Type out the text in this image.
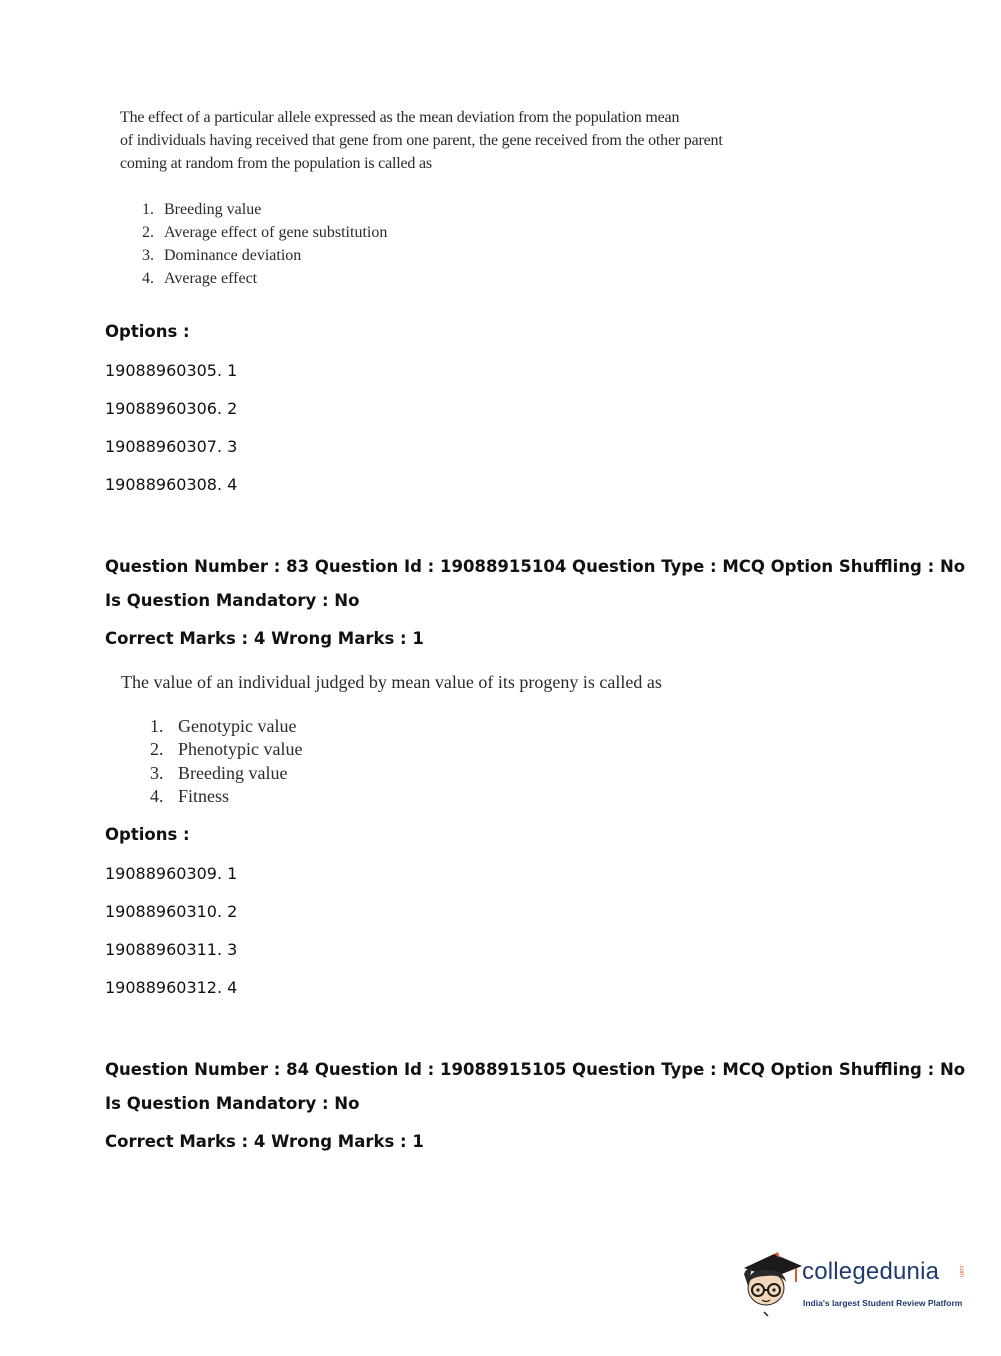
The effect of a particular allele expressed as the mean deviation from the population mean
of individuals having received that gene from one parent, the gene received from the other parent
coming at random from the population is called as
1. Breeding value
2. Average effect of gene substitution
3. Dominance deviation
4. Average effect
Options :
19088960305. 1
19088960306. 2
19088960307. 3
19088960308. 4
Question Number : 83 Question Id : 19088915104 Question Type : MCQ Option Shuffling : No
Is Question Mandatory : No
Correct Marks : 4 Wrong Marks : 1
The value of an individual judged by mean value of its progeny is called as
1. Genotypic value
2. Phenotypic value
3. Breeding value
4. Fitness
Options :
19088960309. 1
19088960310. 2
19088960311. 3
19088960312. 4
Question Number : 84 Question Id : 19088915105 Question Type : MCQ Option Shuffling : No
Is Question Mandatory : No
Correct Marks : 4 Wrong Marks : 1
collegedunia	.com
India's largest Student Review Platform
